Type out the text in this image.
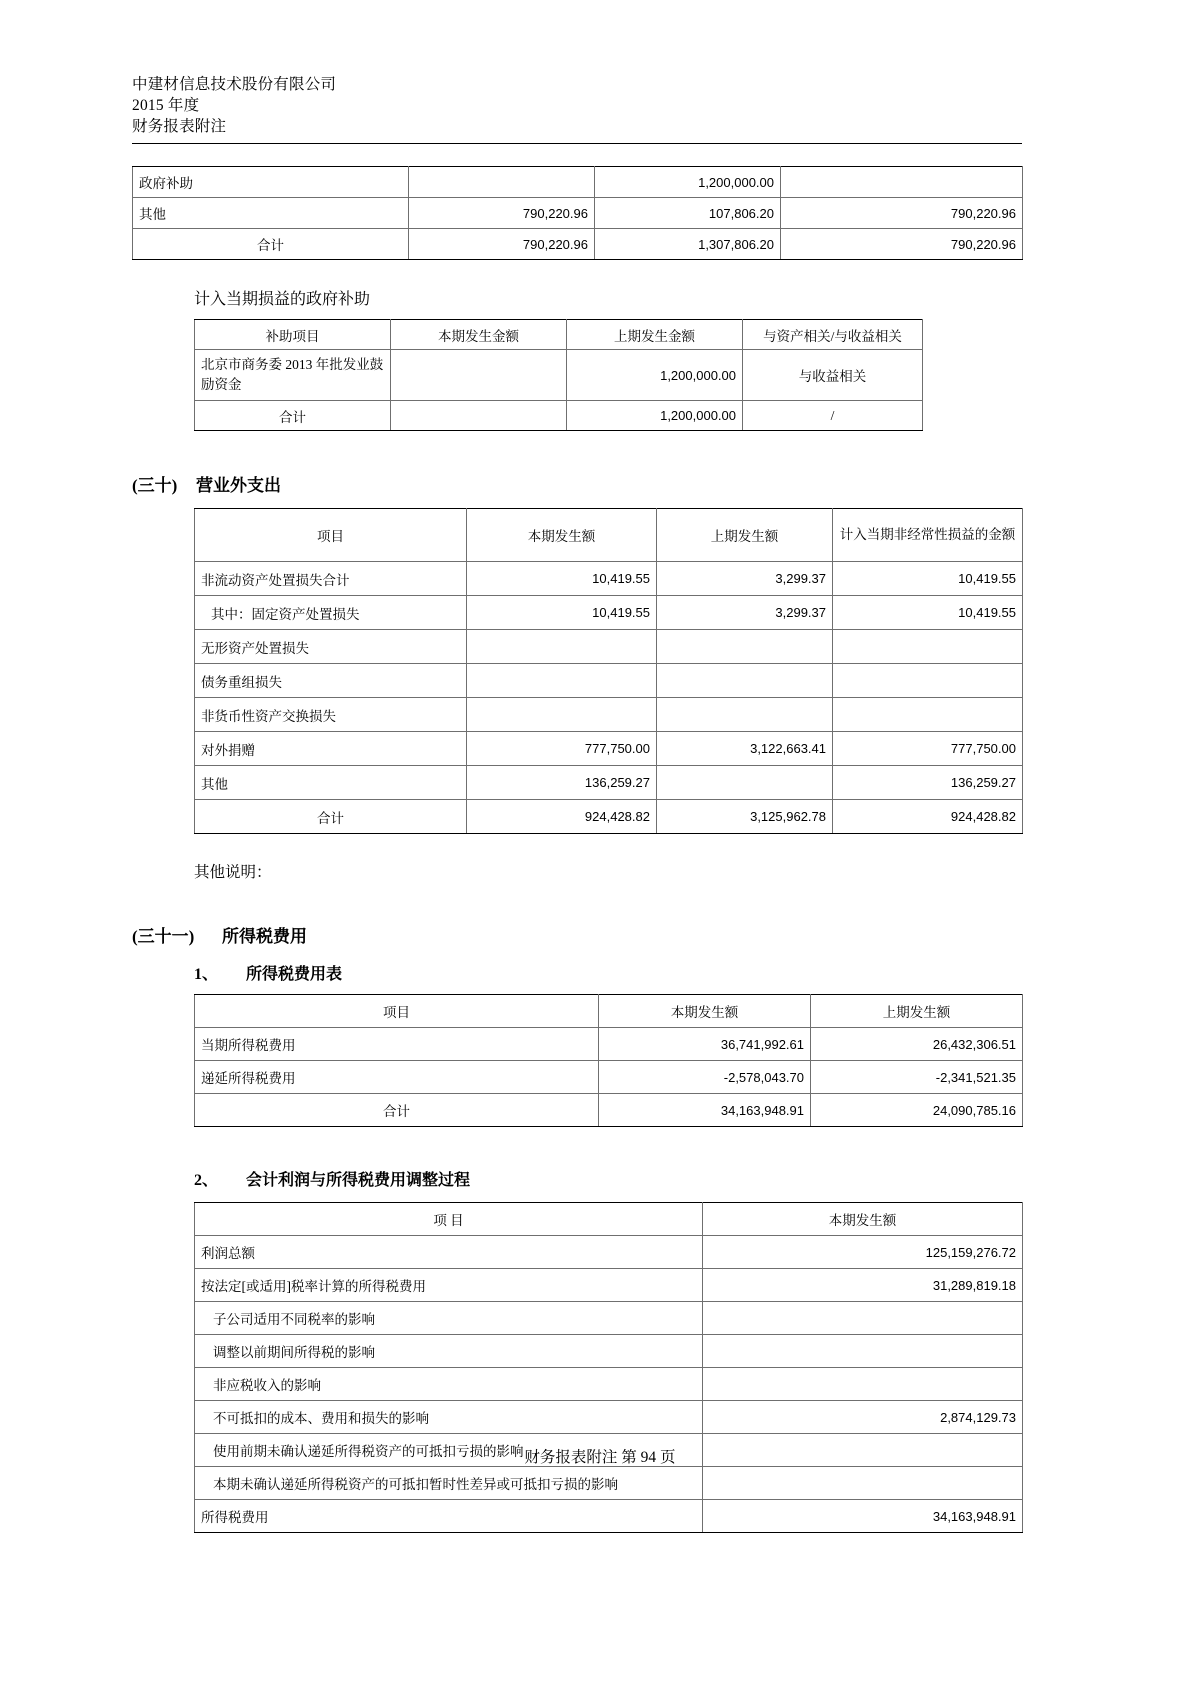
中建材信息技术股份有限公司
2015 年度
财务报表附注
政府补助		1,200,000.00	
其他	790,220.96	107,806.20	790,220.96
合计	790,220.96	1,307,806.20	790,220.96
计入当期损益的政府补助
补助项目	本期发生金额	上期发生金额	与资产相关/与收益相关
北京市商务委 2013 年批发业鼓励资金		1,200,000.00	与收益相关
合计		1,200,000.00	/
(三十) 营业外支出
项目	本期发生额	上期发生额	计入当期非经常性损益的金额
非流动资产处置损失合计	10,419.55	3,299.37	10,419.55
其中：固定资产处置损失	10,419.55	3,299.37	10,419.55
无形资产处置损失			
债务重组损失			
非货币性资产交换损失			
对外捐赠	777,750.00	3,122,663.41	777,750.00
其他	136,259.27		136,259.27
合计	924,428.82	3,125,962.78	924,428.82
其他说明：
(三十一) 所得税费用
1、 所得税费用表
项目	本期发生额	上期发生额
当期所得税费用	36,741,992.61	26,432,306.51
递延所得税费用	-2,578,043.70	-2,341,521.35
合计	34,163,948.91	24,090,785.16
2、 会计利润与所得税费用调整过程
项 目	本期发生额
利润总额	125,159,276.72
按法定[或适用]税率计算的所得税费用	31,289,819.18
子公司适用不同税率的影响	
调整以前期间所得税的影响	
非应税收入的影响	
不可抵扣的成本、费用和损失的影响	2,874,129.73
使用前期未确认递延所得税资产的可抵扣亏损的影响	
本期未确认递延所得税资产的可抵扣暂时性差异或可抵扣亏损的影响	
所得税费用	34,163,948.91
财务报表附注 第 94 页
